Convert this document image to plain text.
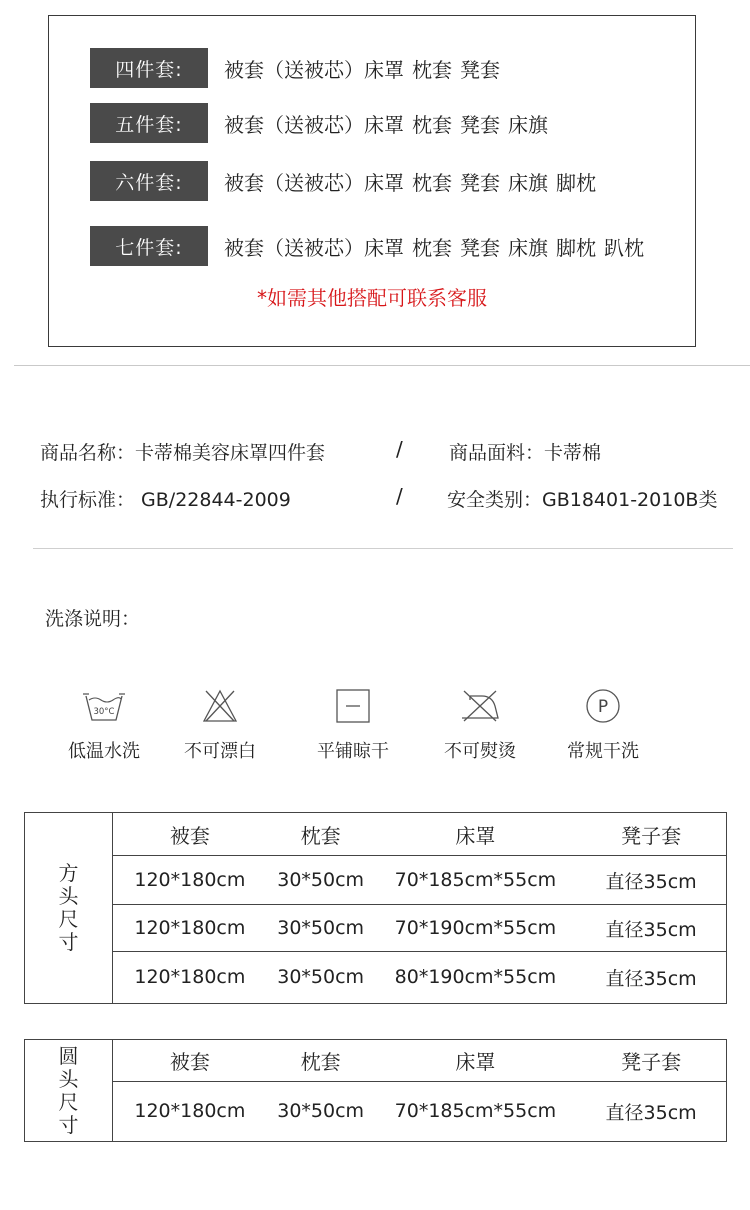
四件套:	被套（送被芯）床罩 枕套 凳套
五件套:	被套（送被芯）床罩 枕套 凳套 床旗
六件套:	被套（送被芯）床罩 枕套 凳套 床旗 脚枕
七件套:	被套（送被芯）床罩 枕套 凳套 床旗 脚枕 趴枕
*如需其他搭配可联系客服
商品名称：卡蒂棉美容床罩四件套	/ 商品面料：卡蒂棉
执行标准： GB/22844-2009	/ 安全类别：GB18401-2010B类
洗涤说明：
30°C
低温水洗	不可漂白	平铺晾干	不可熨烫
P
常规干洗
方
头
尺
寸
被套	枕套	床罩	凳子套
120*180cm	30*50cm	70*185cm*55cm	直径35cm
120*180cm	30*50cm	70*190cm*55cm	直径35cm
120*180cm	30*50cm	80*190cm*55cm	直径35cm
圆
头
尺
寸
被套	枕套	床罩	凳子套
120*180cm	30*50cm	70*185cm*55cm	直径35cm
